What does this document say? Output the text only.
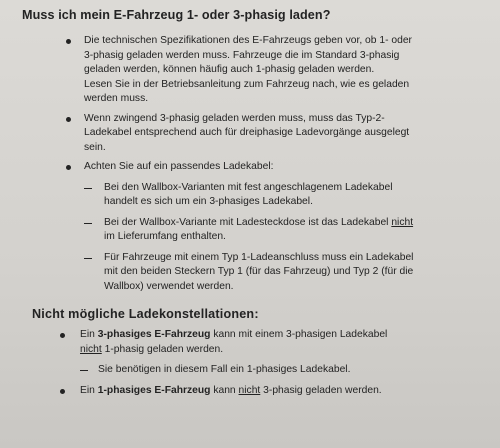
Muss ich mein E-Fahrzeug 1- oder 3-phasig laden?
Die technischen Spezifikationen des E-Fahrzeugs geben vor, ob 1- oder
3-phasig geladen werden muss. Fahrzeuge die im Standard 3-phasig
geladen werden, können häufig auch 1-phasig geladen werden.
Lesen Sie in der Betriebsanleitung zum Fahrzeug nach, wie es geladen
werden muss.
Wenn zwingend 3-phasig geladen werden muss, muss das Typ-2-
Ladekabel entsprechend auch für dreiphasige Ladevorgänge ausgelegt
sein.
Achten Sie auf ein passendes Ladekabel:
Bei den Wallbox-Varianten mit fest angeschlagenem Ladekabel
handelt es sich um ein 3-phasiges Ladekabel.
Bei der Wallbox-Variante mit Ladesteckdose ist das Ladekabel nicht
im Lieferumfang enthalten.
Für Fahrzeuge mit einem Typ 1-Ladeanschluss muss ein Ladekabel
mit den beiden Steckern Typ 1 (für das Fahrzeug) und Typ 2 (für die
Wallbox) verwendet werden.
Nicht mögliche Ladekonstellationen:
Ein 3-phasiges E-Fahrzeug kann mit einem 3-phasigen Ladekabel
nicht 1-phasig geladen werden.
Sie benötigen in diesem Fall ein 1-phasiges Ladekabel.
Ein 1-phasiges E-Fahrzeug kann nicht 3-phasig geladen werden.
